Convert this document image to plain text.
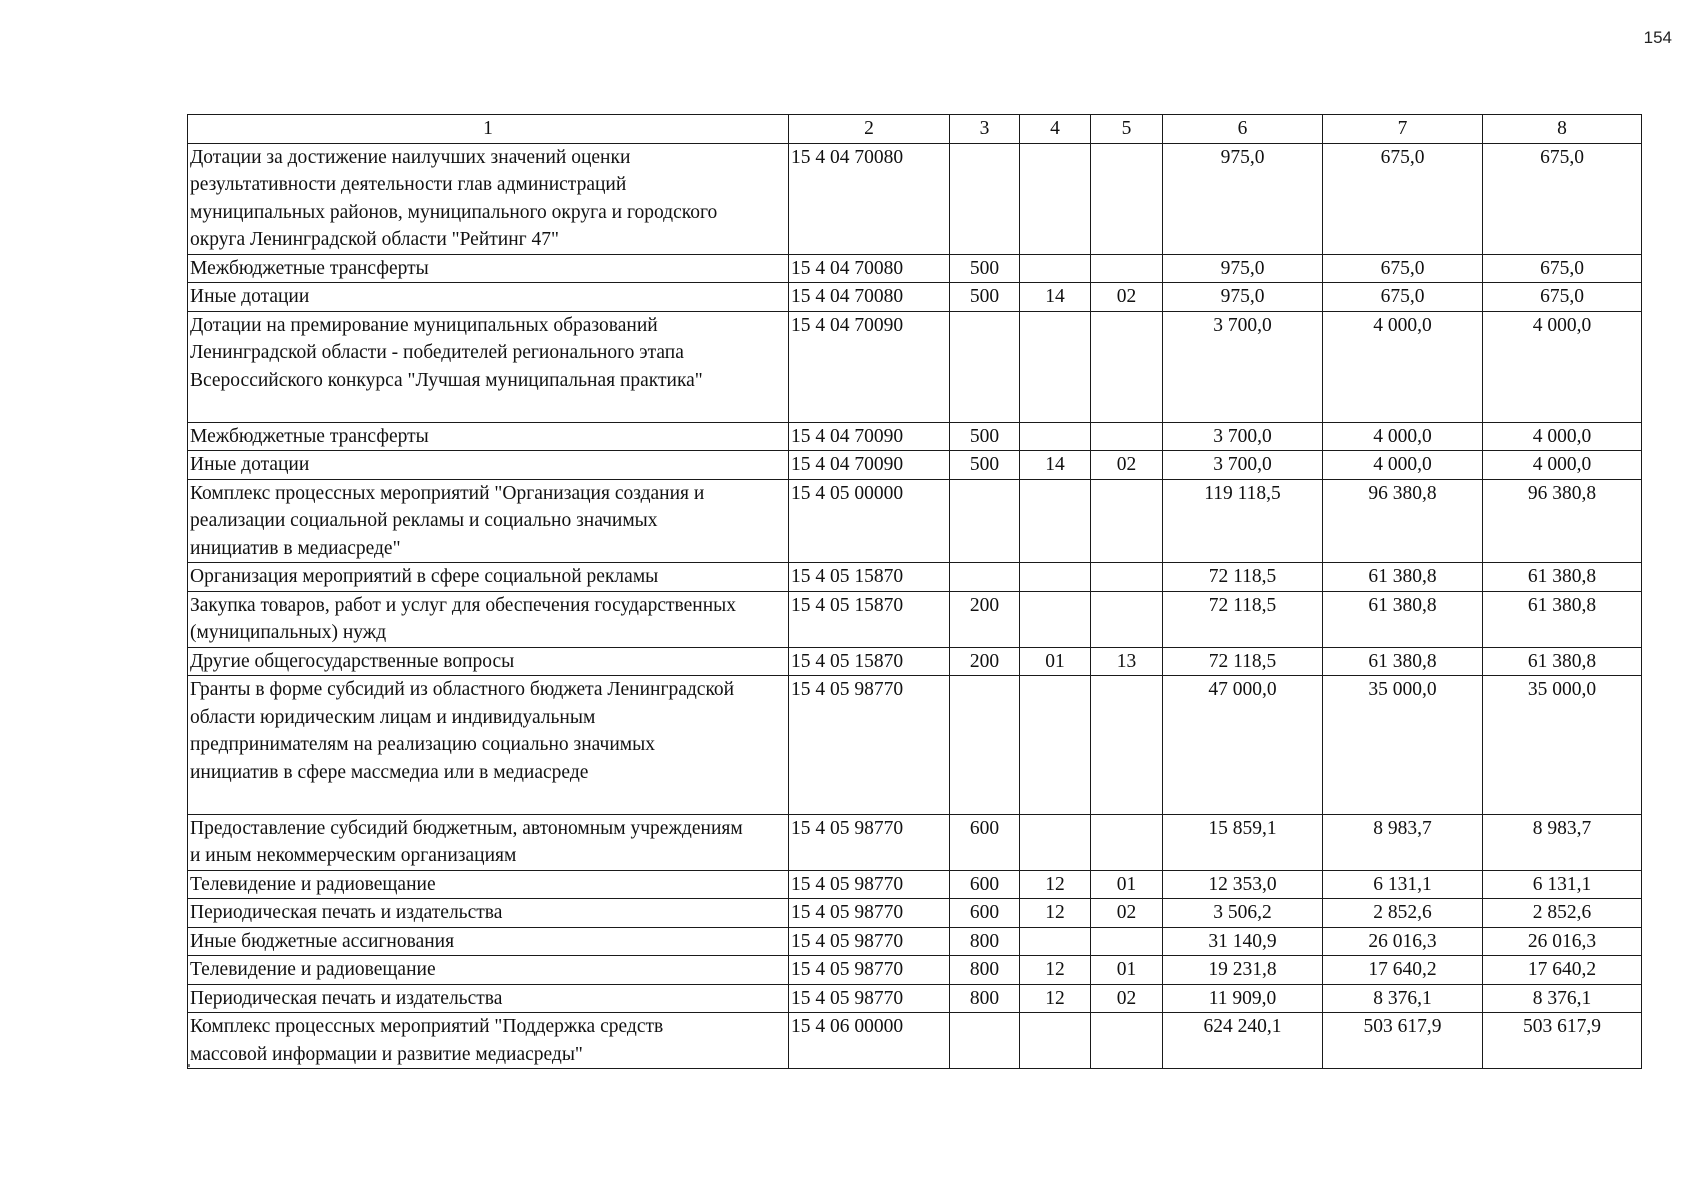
154
1	2	3	4	5	6	7	8
Дотации за достижение наилучших значений оценки
результативности деятельности глав администраций
муниципальных районов, муниципального округа и городского
округа Ленинградской области "Рейтинг 47"	15 4 04 70080				975,0	675,0	675,0
Межбюджетные трансферты	15 4 04 70080	500			975,0	675,0	675,0
Иные дотации	15 4 04 70080	500	14	02	975,0	675,0	675,0
Дотации на премирование муниципальных образований
Ленинградской области - победителей регионального этапа
Всероссийского конкурса "Лучшая муниципальная практика"	15 4 04 70090				3 700,0	4 000,0	4 000,0
Межбюджетные трансферты	15 4 04 70090	500			3 700,0	4 000,0	4 000,0
Иные дотации	15 4 04 70090	500	14	02	3 700,0	4 000,0	4 000,0
Комплекс процессных мероприятий "Организация создания и
реализации социальной рекламы и социально значимых
инициатив в медиасреде"	15 4 05 00000				119 118,5	96 380,8	96 380,8
Организация мероприятий в сфере социальной рекламы	15 4 05 15870				72 118,5	61 380,8	61 380,8
Закупка товаров, работ и услуг для обеспечения государственных
(муниципальных) нужд	15 4 05 15870	200			72 118,5	61 380,8	61 380,8
Другие общегосударственные вопросы	15 4 05 15870	200	01	13	72 118,5	61 380,8	61 380,8
Гранты в форме субсидий из областного бюджета Ленинградской
области юридическим лицам и индивидуальным
предпринимателям на реализацию социально значимых
инициатив в сфере массмедиа или в медиасреде	15 4 05 98770				47 000,0	35 000,0	35 000,0
Предоставление субсидий бюджетным, автономным учреждениям
и иным некоммерческим организациям	15 4 05 98770	600			15 859,1	8 983,7	8 983,7
Телевидение и радиовещание	15 4 05 98770	600	12	01	12 353,0	6 131,1	6 131,1
Периодическая печать и издательства	15 4 05 98770	600	12	02	3 506,2	2 852,6	2 852,6
Иные бюджетные ассигнования	15 4 05 98770	800			31 140,9	26 016,3	26 016,3
Телевидение и радиовещание	15 4 05 98770	800	12	01	19 231,8	17 640,2	17 640,2
Периодическая печать и издательства	15 4 05 98770	800	12	02	11 909,0	8 376,1	8 376,1
Комплекс процессных мероприятий "Поддержка средств
массовой информации и развитие медиасреды"	15 4 06 00000				624 240,1	503 617,9	503 617,9
